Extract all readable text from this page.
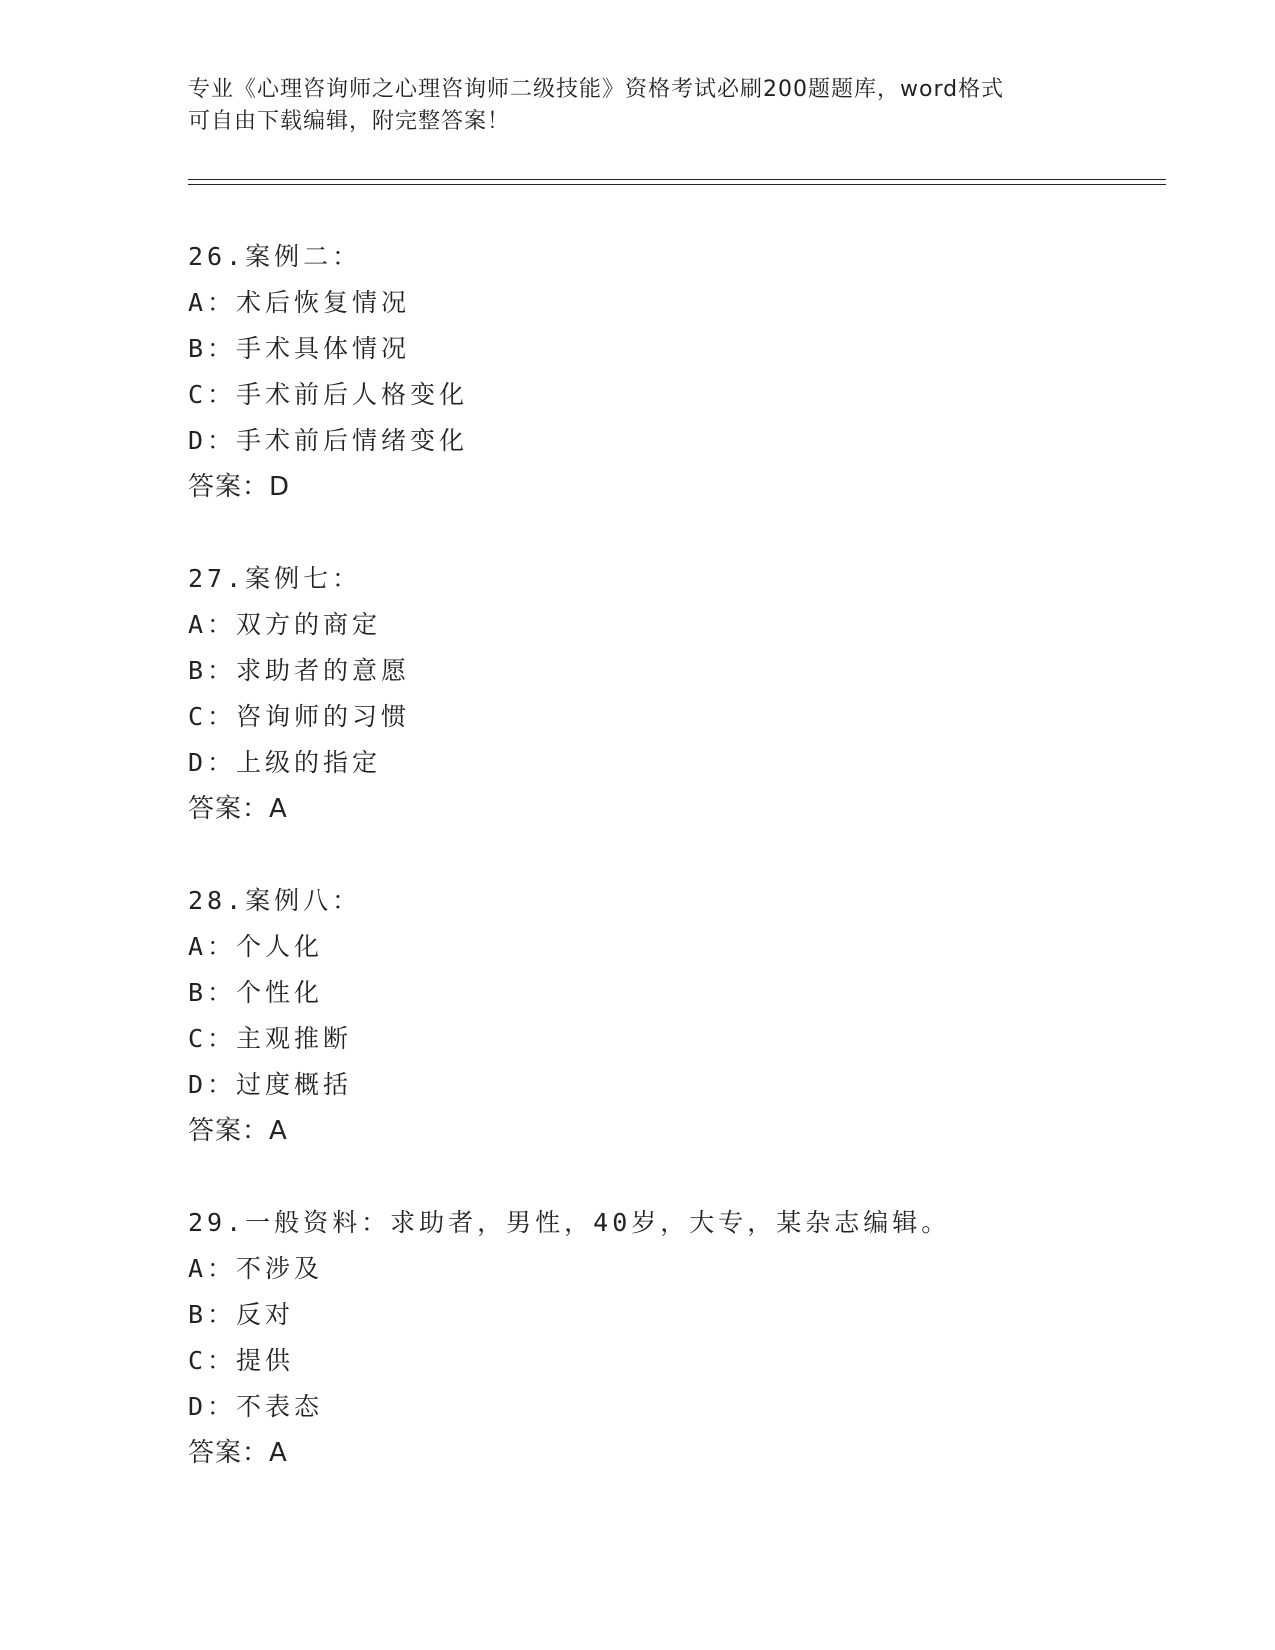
专业《心理咨询师之心理咨询师二级技能》资格考试必刷200题题库，word格式
可自由下载编辑，附完整答案！
26.案例二：
A：术后恢复情况
B：手术具体情况
C：手术前后人格变化
D：手术前后情绪变化
答案：D
27.案例七：
A：双方的商定
B：求助者的意愿
C：咨询师的习惯
D：上级的指定
答案：A
28.案例八：
A：个人化
B：个性化
C：主观推断
D：过度概括
答案：A
29.一般资料：求助者，男性，40岁，大专，某杂志编辑。
A：不涉及
B：反对
C：提供
D：不表态
答案：A
